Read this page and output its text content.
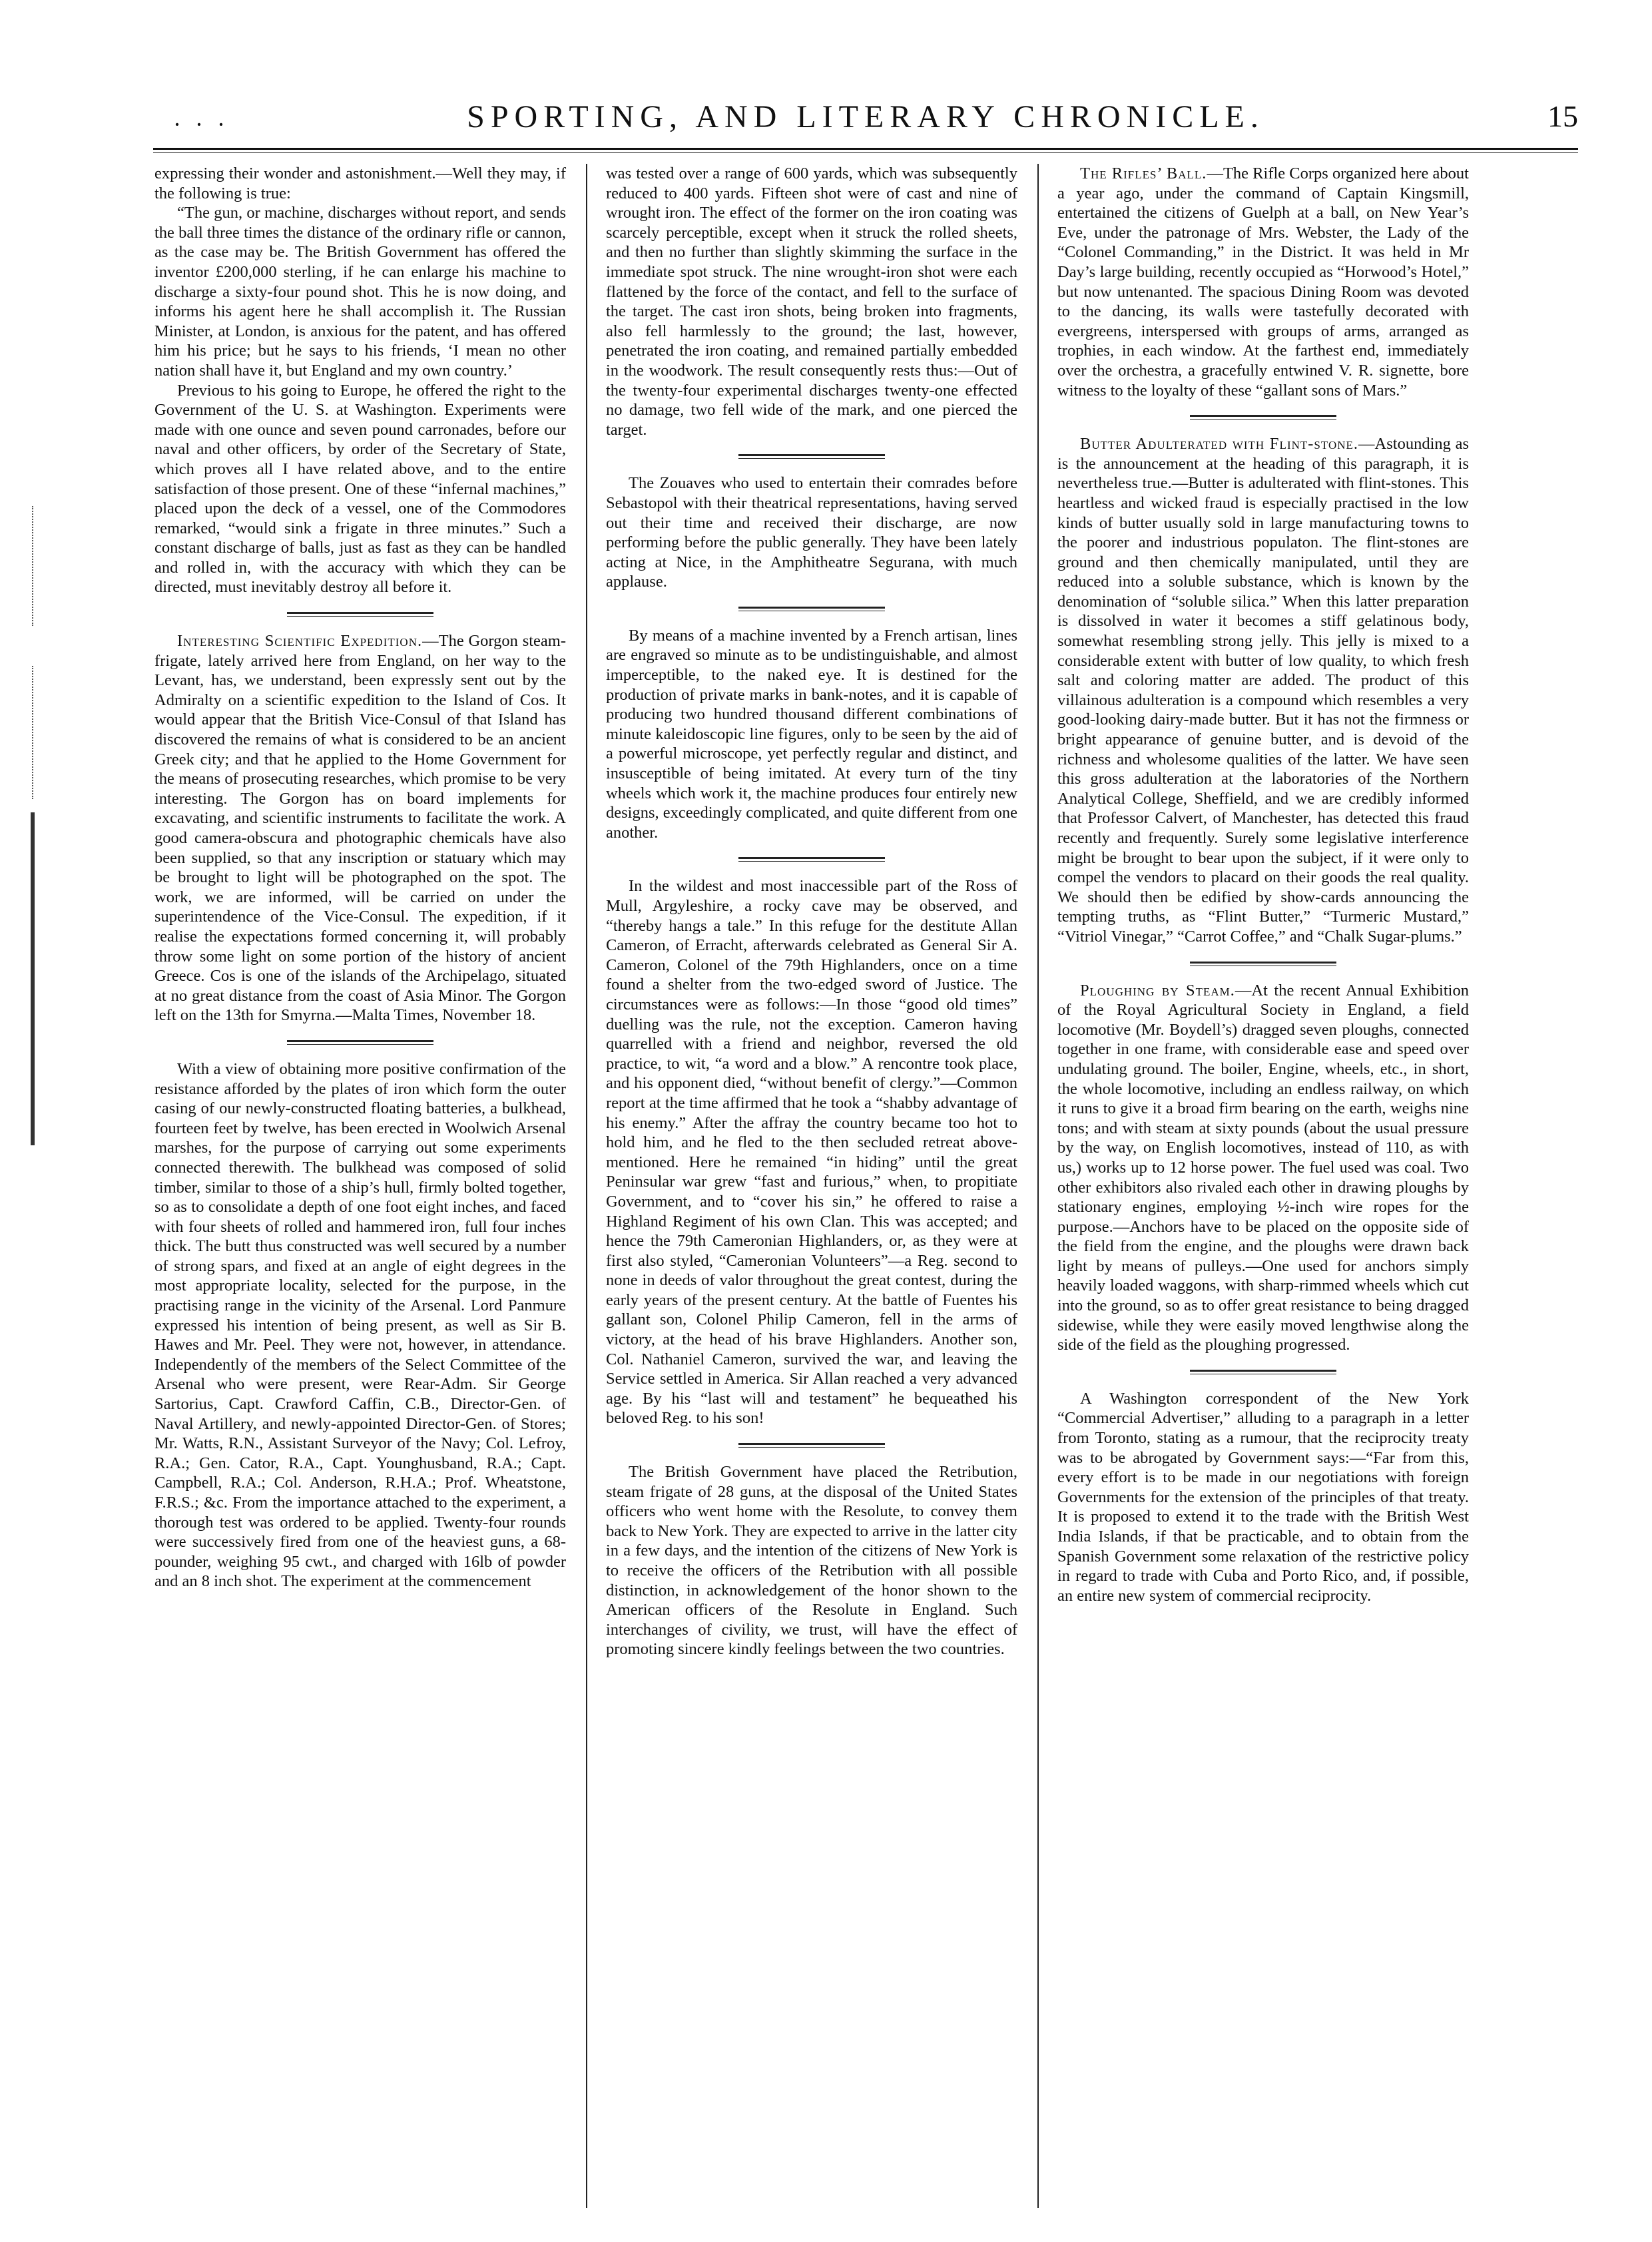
· · ·	SPORTING, AND LITERARY CHRONICLE.	15

expressing their wonder and astonishment.—Well they may, if the following is true:

“The gun, or machine, discharges without report, and sends the ball three times the distance of the ordinary rifle or cannon, as the case may be. The British Government has offered the inventor £200,000 sterling, if he can enlarge his machine to discharge a sixty-four pound shot. This he is now doing, and informs his agent here he shall accomplish it. The Russian Minister, at London, is anxious for the patent, and has offered him his price; but he says to his friends, ‘I mean no other nation shall have it, but England and my own country.’

Previous to his going to Europe, he offered the right to the Government of the U. S. at Washington. Experiments were made with one ounce and seven pound carronades, before our naval and other officers, by order of the Secretary of State, which proves all I have related above, and to the entire satisfaction of those present. One of these “infernal machines,” placed upon the deck of a vessel, one of the Commodores remarked, “would sink a frigate in three minutes.” Such a constant discharge of balls, just as fast as they can be handled and rolled in, with the accuracy with which they can be directed, must inevitably destroy all before it.

Interesting Scientific Expedition.—The Gorgon steam-frigate, lately arrived here from England, on her way to the Levant, has, we understand, been expressly sent out by the Admiralty on a scientific expedition to the Island of Cos. It would appear that the British Vice-Consul of that Island has discovered the remains of what is considered to be an ancient Greek city; and that he applied to the Home Government for the means of prosecuting researches, which promise to be very interesting. The Gorgon has on board implements for excavating, and scientific instruments to facilitate the work. A good camera-obscura and photographic chemicals have also been supplied, so that any inscription or statuary which may be brought to light will be photographed on the spot. The work, we are informed, will be carried on under the superintendence of the Vice-Consul. The expedition, if it realise the expectations formed concerning it, will probably throw some light on some portion of the history of ancient Greece. Cos is one of the islands of the Archipelago, situated at no great distance from the coast of Asia Minor. The Gorgon left on the 13th for Smyrna.—Malta Times, November 18.

With a view of obtaining more positive confirmation of the resistance afforded by the plates of iron which form the outer casing of our newly-constructed floating batteries, a bulkhead, fourteen feet by twelve, has been erected in Woolwich Arsenal marshes, for the purpose of carrying out some experiments connected therewith. The bulkhead was composed of solid timber, similar to those of a ship’s hull, firmly bolted together, so as to consolidate a depth of one foot eight inches, and faced with four sheets of rolled and hammered iron, full four inches thick. The butt thus constructed was well secured by a number of strong spars, and fixed at an angle of eight degrees in the most appropriate locality, selected for the purpose, in the practising range in the vicinity of the Arsenal. Lord Panmure expressed his intention of being present, as well as Sir B. Hawes and Mr. Peel. They were not, however, in attendance. Independently of the members of the Select Committee of the Arsenal who were present, were Rear-Adm. Sir George Sartorius, Capt. Crawford Caffin, C.B., Director-Gen. of Naval Artillery, and newly-appointed Director-Gen. of Stores; Mr. Watts, R.N., Assistant Surveyor of the Navy; Col. Lefroy, R.A.; Gen. Cator, R.A., Capt. Younghusband, R.A.; Capt. Campbell, R.A.; Col. Anderson, R.H.A.; Prof. Wheatstone, F.R.S.; &c. From the importance attached to the experiment, a thorough test was ordered to be applied. Twenty-four rounds were successively fired from one of the heaviest guns, a 68-pounder, weighing 95 cwt., and charged with 16lb of powder and an 8 inch shot. The experiment at the commencement

was tested over a range of 600 yards, which was subsequently reduced to 400 yards. Fifteen shot were of cast and nine of wrought iron. The effect of the former on the iron coating was scarcely perceptible, except when it struck the rolled sheets, and then no further than slightly skimming the surface in the immediate spot struck. The nine wrought-iron shot were each flattened by the force of the contact, and fell to the surface of the target. The cast iron shots, being broken into fragments, also fell harmlessly to the ground; the last, however, penetrated the iron coating, and remained partially embedded in the woodwork. The result consequently rests thus:—Out of the twenty-four experimental discharges twenty-one effected no damage, two fell wide of the mark, and one pierced the target.

The Zouaves who used to entertain their comrades before Sebastopol with their theatrical representations, having served out their time and received their discharge, are now performing before the public generally. They have been lately acting at Nice, in the Amphitheatre Segurana, with much applause.

By means of a machine invented by a French artisan, lines are engraved so minute as to be undistinguishable, and almost imperceptible, to the naked eye. It is destined for the production of private marks in bank-notes, and it is capable of producing two hundred thousand different combinations of minute kaleidoscopic line figures, only to be seen by the aid of a powerful microscope, yet perfectly regular and distinct, and insusceptible of being imitated. At every turn of the tiny wheels which work it, the machine produces four entirely new designs, exceedingly complicated, and quite different from one another.

In the wildest and most inaccessible part of the Ross of Mull, Argyleshire, a rocky cave may be observed, and “thereby hangs a tale.” In this refuge for the destitute Allan Cameron, of Erracht, afterwards celebrated as General Sir A. Cameron, Colonel of the 79th Highlanders, once on a time found a shelter from the two-edged sword of Justice. The circumstances were as follows:—In those “good old times” duelling was the rule, not the exception. Cameron having quarrelled with a friend and neighbor, reversed the old practice, to wit, “a word and a blow.” A rencontre took place, and his opponent died, “without benefit of clergy.”—Common report at the time affirmed that he took a “shabby advantage of his enemy.” After the affray the country became too hot to hold him, and he fled to the then secluded retreat above-mentioned. Here he remained “in hiding” until the great Peninsular war grew “fast and furious,” when, to propitiate Government, and to “cover his sin,” he offered to raise a Highland Regiment of his own Clan. This was accepted; and hence the 79th Cameronian Highlanders, or, as they were at first also styled, “Cameronian Volunteers”—a Reg. second to none in deeds of valor throughout the great contest, during the early years of the present century. At the battle of Fuentes his gallant son, Colonel Philip Cameron, fell in the arms of victory, at the head of his brave Highlanders. Another son, Col. Nathaniel Cameron, survived the war, and leaving the Service settled in America. Sir Allan reached a very advanced age. By his “last will and testament” he bequeathed his beloved Reg. to his son!

The British Government have placed the Retribution, steam frigate of 28 guns, at the disposal of the United States officers who went home with the Resolute, to convey them back to New York. They are expected to arrive in the latter city in a few days, and the intention of the citizens of New York is to receive the officers of the Retribution with all possible distinction, in acknowledgement of the honor shown to the American officers of the Resolute in England. Such interchanges of civility, we trust, will have the effect of promoting sincere kindly feelings between the two countries.

The Rifles’ Ball.—The Rifle Corps organized here about a year ago, under the command of Captain Kingsmill, entertained the citizens of Guelph at a ball, on New Year’s Eve, under the patronage of Mrs. Webster, the Lady of the “Colonel Commanding,” in the District. It was held in Mr Day’s large building, recently occupied as “Horwood’s Hotel,” but now untenanted. The spacious Dining Room was devoted to the dancing, its walls were tastefully decorated with evergreens, interspersed with groups of arms, arranged as trophies, in each window. At the farthest end, immediately over the orchestra, a gracefully entwined V. R. signette, bore witness to the loyalty of these “gallant sons of Mars.”

Butter Adulterated with Flint-stone.—Astounding as is the announcement at the heading of this paragraph, it is nevertheless true.—Butter is adulterated with flint-stones. This heartless and wicked fraud is especially practised in the low kinds of butter usually sold in large manufacturing towns to the poorer and industrious populaton. The flint-stones are ground and then chemically manipulated, until they are reduced into a soluble substance, which is known by the denomination of “soluble silica.” When this latter preparation is dissolved in water it becomes a stiff gelatinous body, somewhat resembling strong jelly. This jelly is mixed to a considerable extent with butter of low quality, to which fresh salt and coloring matter are added. The product of this villainous adulteration is a compound which resembles a very good-looking dairy-made butter. But it has not the firmness or bright appearance of genuine butter, and is devoid of the richness and wholesome qualities of the latter. We have seen this gross adulteration at the laboratories of the Northern Analytical College, Sheffield, and we are credibly informed that Professor Calvert, of Manchester, has detected this fraud recently and frequently. Surely some legislative interference might be brought to bear upon the subject, if it were only to compel the vendors to placard on their goods the real quality. We should then be edified by show-cards announcing the tempting truths, as “Flint Butter,” “Turmeric Mustard,” “Vitriol Vinegar,” “Carrot Coffee,” and “Chalk Sugar-plums.”

Ploughing by Steam.—At the recent Annual Exhibition of the Royal Agricultural Society in England, a field locomotive (Mr. Boydell’s) dragged seven ploughs, connected together in one frame, with considerable ease and speed over undulating ground. The boiler, Engine, wheels, etc., in short, the whole locomotive, including an endless railway, on which it runs to give it a broad firm bearing on the earth, weighs nine tons; and with steam at sixty pounds (about the usual pressure by the way, on English locomotives, instead of 110, as with us,) works up to 12 horse power. The fuel used was coal. Two other exhibitors also rivaled each other in drawing ploughs by stationary engines, employing ½-inch wire ropes for the purpose.—Anchors have to be placed on the opposite side of the field from the engine, and the ploughs were drawn back light by means of pulleys.—One used for anchors simply heavily loaded waggons, with sharp-rimmed wheels which cut into the ground, so as to offer great resistance to being dragged sidewise, while they were easily moved lengthwise along the side of the field as the ploughing progressed.

A Washington correspondent of the New York “Commercial Advertiser,” alluding to a paragraph in a letter from Toronto, stating as a rumour, that the reciprocity treaty was to be abrogated by Government says:—“Far from this, every effort is to be made in our negotiations with foreign Governments for the extension of the principles of that treaty. It is proposed to extend it to the trade with the British West India Islands, if that be practicable, and to obtain from the Spanish Government some relaxation of the restrictive policy in regard to trade with Cuba and Porto Rico, and, if possible, an entire new system of commercial reciprocity.
